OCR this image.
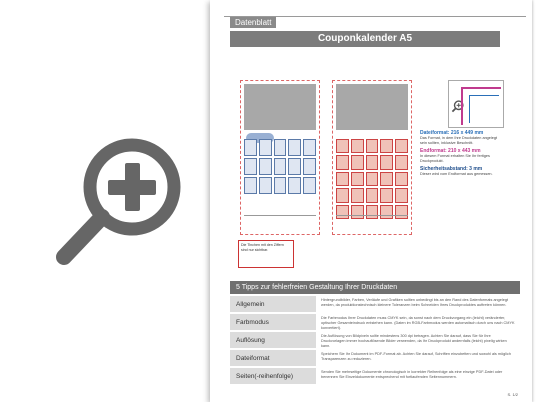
Datenblatt
Couponkalender A5
Dateiformat: 216 x 449 mm
Das Format, in dem Ihre Druckdaten angelegt sein sollten, inklusive Beschnitt.
Endformat: 210 x 443 mm
In diesem Format erhalten Sie Ihr fertiges Druckprodukt.
Sicherheitsabstand: 3 mm
Dieser wird vom Endformat aus gemessen.
Die Tinchen mit den Ziffern sind nur sichtbar.
5 Tipps zur fehlerfreien Gestaltung Ihrer Druckdaten
Allgemein
Hintergrundbilder, Farben, Verläufe und Grafiken sollten unbedingt bis an den Rand des Datenformats angelegt werden, da produktionstechnisch kleinere Toleranzen beim Schneiden Ihres Druckproduktes auftreten können.
Farbmodus
Die Farbmodus Ihrer Druckdaten muss CMYK sein, da sonst nach dem Druckvorgang ein (leicht) veränderter, optischer Gesamteindruck entstehen kann. (Daten im RGB-Farbmodus werden automatisch durch uns nach CMYK konvertiert).
Auflösung
Die Auflösung von Bildpixeln sollte mindestens 300 dpi betragen. Achten Sie darauf, dass Sie für Ihre Druckvorlagen immer hochauflösende Bilder verwenden, da Ihr Druckprodukt andernfalls (leicht) pixelig wirken kann.
Dateiformat
Speichern Sie Ihr Dokument im PDF-Format ab. Achten Sie darauf, Schriften einzubetten und sowohl als möglich Transparenzen zu reduzieren.
Seiten(-reihenfolge)
Senden Sie mehrseitige Dokumente chronologisch in korrekter Reihenfolge als eine einzige PDF-Datei oder benennen Sie Einzeldokumente entsprechend mit fortlaufenden Seitennummern.
S. 1/2
